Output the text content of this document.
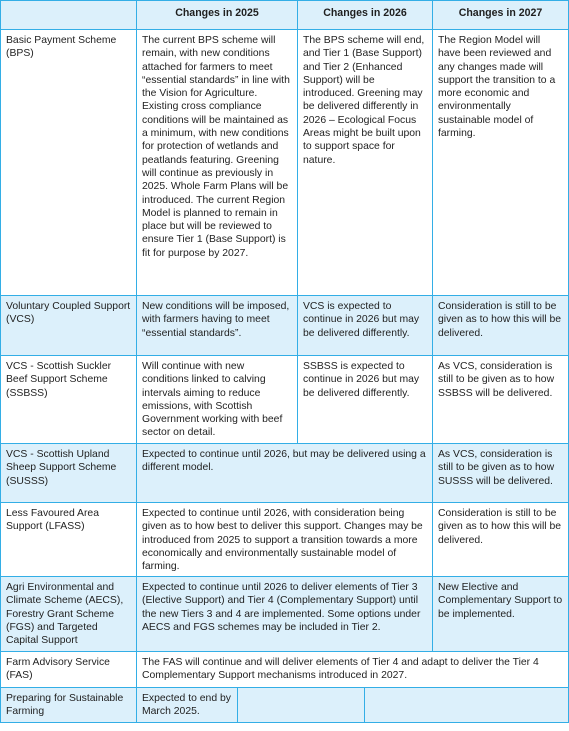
Changes in 2025	Changes in 2026	Changes in 2027
Basic Payment Scheme (BPS)
The current BPS scheme will remain, with new conditions attached for farmers to meet “essential standards” in line with the Vision for Agriculture. Existing cross compliance conditions will be maintained as a minimum, with new conditions for protection of wetlands and peatlands featuring. Greening will continue as previously in 2025. Whole Farm Plans will be introduced. The current Region Model is planned to remain in place but will be reviewed to ensure Tier 1 (Base Support) is fit for purpose by 2027.
The BPS scheme will end, and Tier 1 (Base Support) and Tier 2 (Enhanced Support) will be introduced. Greening may be delivered differently in 2026 – Ecological Focus Areas might be built upon to support space for nature.
The Region Model will have been reviewed and any changes made will support the transition to a more economic and environmentally sustainable model of farming.
Voluntary Coupled Support (VCS)
New conditions will be imposed, with farmers having to meet “essential standards”.
VCS is expected to continue in 2026 but may be delivered differently.
Consideration is still to be given as to how this will be delivered.
VCS - Scottish Suckler Beef Support Scheme (SSBSS)
Will continue with new conditions linked to calving intervals aiming to reduce emissions, with Scottish Government working with beef sector on detail.
SSBSS is expected to continue in 2026 but may be delivered differently.
As VCS, consideration is still to be given as to how SSBSS will be delivered.
VCS - Scottish Upland Sheep Support Scheme (SUSSS)
Expected to continue until 2026, but may be delivered using a different model.
As VCS, consideration is still to be given as to how SUSSS will be delivered.
Less Favoured Area Support (LFASS)
Expected to continue until 2026, with consideration being given as to how best to deliver this support. Changes may be introduced from 2025 to support a transition towards a more economically and environmentally sustainable model of farming.
Consideration is still to be given as to how this will be delivered.
Agri Environmental and Climate Scheme (AECS), Forestry Grant Scheme (FGS) and Targeted Capital Support
Expected to continue until 2026 to deliver elements of Tier 3 (Elective Support) and Tier 4 (Complementary Support) until the new Tiers 3 and 4 are implemented. Some options under AECS and FGS schemes may be included in Tier 2.
New Elective and Complementary Support to be implemented.
Farm Advisory Service (FAS)
The FAS will continue and will deliver elements of Tier 4 and adapt to deliver the Tier 4 Complementary Support mechanisms introduced in 2027.
Preparing for Sustainable Farming
Expected to end by March 2025.
